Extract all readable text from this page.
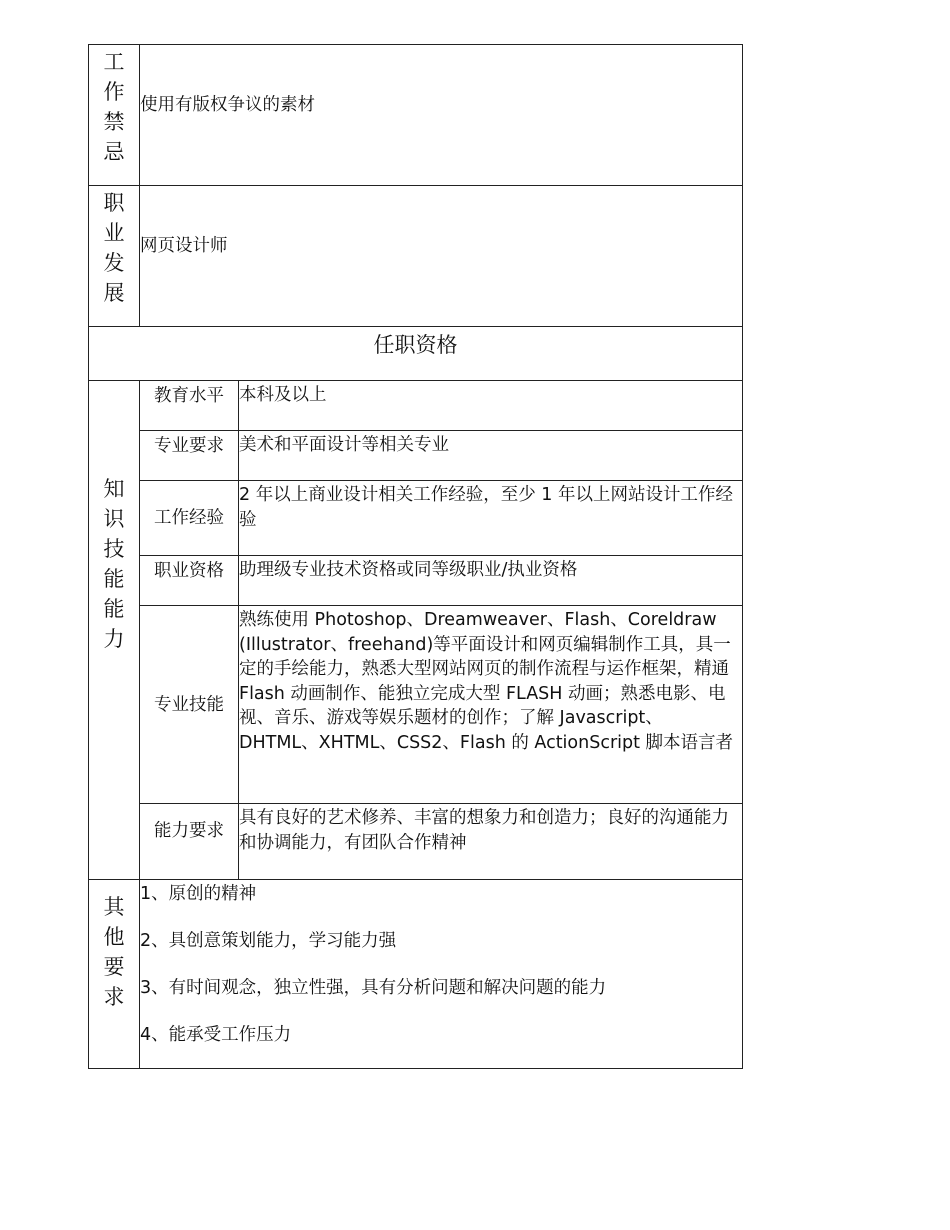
工
作
禁
忌
使用有版权争议的素材
职
业
发
展
网页设计师
任职资格
知
识
技
能
能
力
教育水平 本科及以上
专业要求 美术和平面设计等相关专业
工作经验
2 年以上商业设计相关工作经验，至少 1 年以上网站设计工作经验
职业资格 助理级专业技术资格或同等级职业/执业资格
专业技能
熟练使用 Photoshop、Dreamweaver、Flash、Coreldraw (Illustrator、freehand)等平面设计和网页编辑制作工具，具一定的手绘能力，熟悉大型网站网页的制作流程与运作框架，精通 Flash 动画制作、能独立完成大型 FLASH 动画；熟悉电影、电视、音乐、游戏等娱乐题材的创作；了解 Javascript、DHTML、XHTML、CSS2、Flash 的 ActionScript 脚本语言者
能力要求
具有良好的艺术修养、丰富的想象力和创造力；良好的沟通能力和协调能力，有团队合作精神
其
他
要
求
1、原创的精神
2、具创意策划能力，学习能力强
3、有时间观念，独立性强，具有分析问题和解决问题的能力
4、能承受工作压力
